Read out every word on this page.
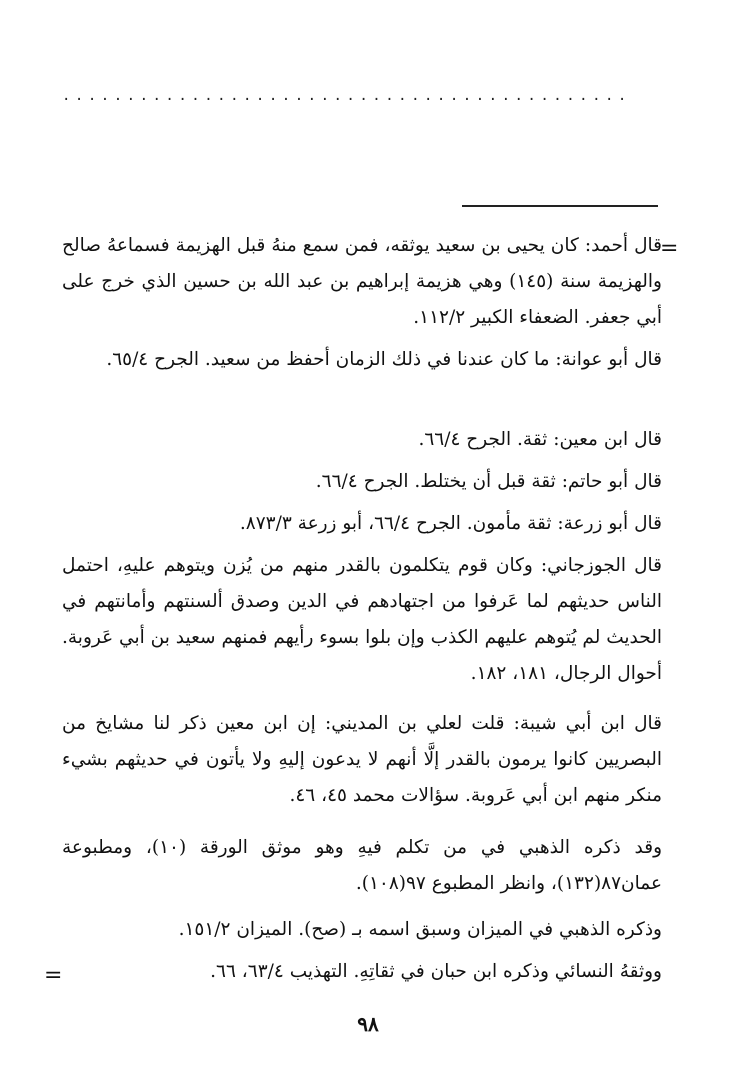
............................................
=
=

قال أحمد: كان يحيى بن سعيد يوثقه، فمن سمع منهُ قبل الهزيمة فسماعهُ صالح والهزيمة سنة (١٤٥) وهي هزيمة إبراهيم بن عبد الله بن حسين الذي خرج على أبي جعفر. الضعفاء الكبير ١١٢/٢.

قال أبو عوانة: ما كان عندنا في ذلك الزمان أحفظ من سعيد. الجرح ٦٥/٤.

قال ابن معين: ثقة. الجرح ٦٦/٤.

قال أبو حاتم: ثقة قبل أن يختلط. الجرح ٦٦/٤.

قال أبو زرعة: ثقة مأمون. الجرح ٦٦/٤، أبو زرعة ٨٧٣/٣.

قال الجوزجاني: وكان قوم يتكلمون بالقدر منهم من يُزن ويتوهم عليهِ، احتمل الناس حديثهم لما عَرفوا من اجتهادهم في الدين وصدق ألسنتهم وأمانتهم في الحديث لم يُتوهم عليهم الكذب وإن بلوا بسوء رأيهم فمنهم سعيد بن أبي عَروبة. أحوال الرجال، ١٨١، ١٨٢.

قال ابن أبي شيبة: قلت لعلي بن المديني: إن ابن معين ذكر لنا مشايخ من البصريين كانوا يرمون بالقدر إلَّا أنهم لا يدعون إليهِ ولا يأتون في حديثهم بشيء منكر منهم ابن أبي عَروبة. سؤالات محمد ٤٥، ٤٦.

وقد ذكره الذهبي في من تكلم فيهِ وهو موثق الورقة (١٠)، ومطبوعة عمان٨٧(١٣٢)، وانظر المطبوع ٩٧(١٠٨).

وذكره الذهبي في الميزان وسبق اسمه بـ (صح). الميزان ١٥١/٢.

ووثقهُ النسائي وذكره ابن حبان في ثقاتِهِ. التهذيب ٦٣/٤، ٦٦.

٩٨
